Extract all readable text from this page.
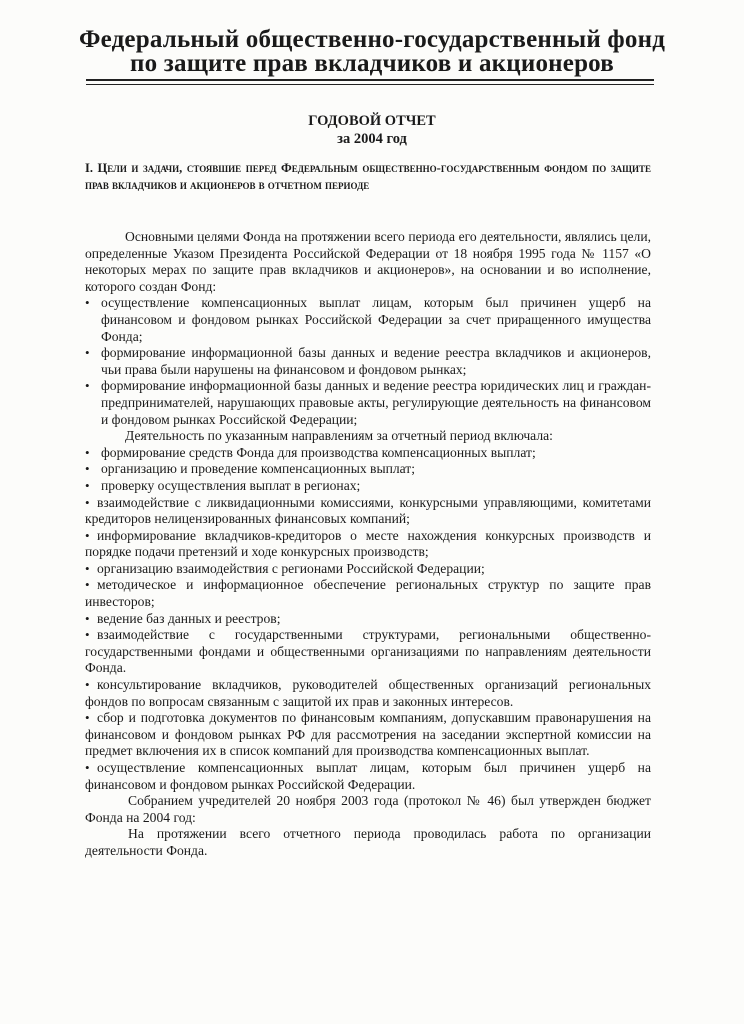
Федеральный общественно-государственный фонд
по защите прав вкладчиков и акционеров
ГОДОВОЙ ОТЧЕТ
за 2004 год
I. Цели и задачи, стоявшие перед Федеральным общественно-государственным фондом по защите прав вкладчиков и акционеров в отчетном периоде

Основными целями Фонда на протяжении всего периода его деятельности, являлись цели, определенные Указом Президента Российской Федерации от 18 ноября 1995 года № 1157 «О некоторых мерах по защите прав вкладчиков и акционеров», на основании и во исполнение, которого создан Фонд:

• осуществление компенсационных выплат лицам, которым был причинен ущерб на финансовом и фондовом рынках Российской Федерации за счет приращенного имущества Фонда;
• формирование информационной базы данных и ведение реестра вкладчиков и акционеров, чьи права были нарушены на финансовом и фондовом рынках;
• формирование информационной базы данных и ведение реестра юридических лиц и граждан-предпринимателей, нарушающих правовые акты, регулирующие деятельность на финансовом и фондовом рынках Российской Федерации;

Деятельность по указанным направлениям за отчетный период включала:

• формирование средств Фонда для производства компенсационных выплат;
• организацию и проведение компенсационных выплат;
• проверку осуществления выплат в регионах;
• взаимодействие с ликвидационными комиссиями, конкурсными управляющими, комитетами кредиторов нелицензированных финансовых компаний;
• информирование вкладчиков-кредиторов о месте нахождения конкурсных производств и порядке подачи претензий и ходе конкурсных производств;
• организацию взаимодействия с регионами Российской Федерации;
• методическое и информационное обеспечение региональных структур по защите прав инвесторов;
• ведение баз данных и реестров;
• взаимодействие с государственными структурами, региональными общественно-государственными фондами и общественными организациями по направлениям деятельности Фонда.
• консультирование вкладчиков, руководителей общественных организаций региональных фондов по вопросам связанным с защитой их прав и законных интересов.
• сбор и подготовка документов по финансовым компаниям, допускавшим правонарушения на финансовом и фондовом рынках РФ для рассмотрения на заседании экспертной комиссии на предмет включения их в список компаний для производства компенсационных выплат.
• осуществление компенсационных выплат лицам, которым был причинен ущерб на финансовом и фондовом рынках Российской Федерации.

Собранием учредителей 20 ноября 2003 года (протокол № 46) был утвержден бюджет Фонда на 2004 год:

На протяжении всего отчетного периода проводилась работа по организации деятельности Фонда.
